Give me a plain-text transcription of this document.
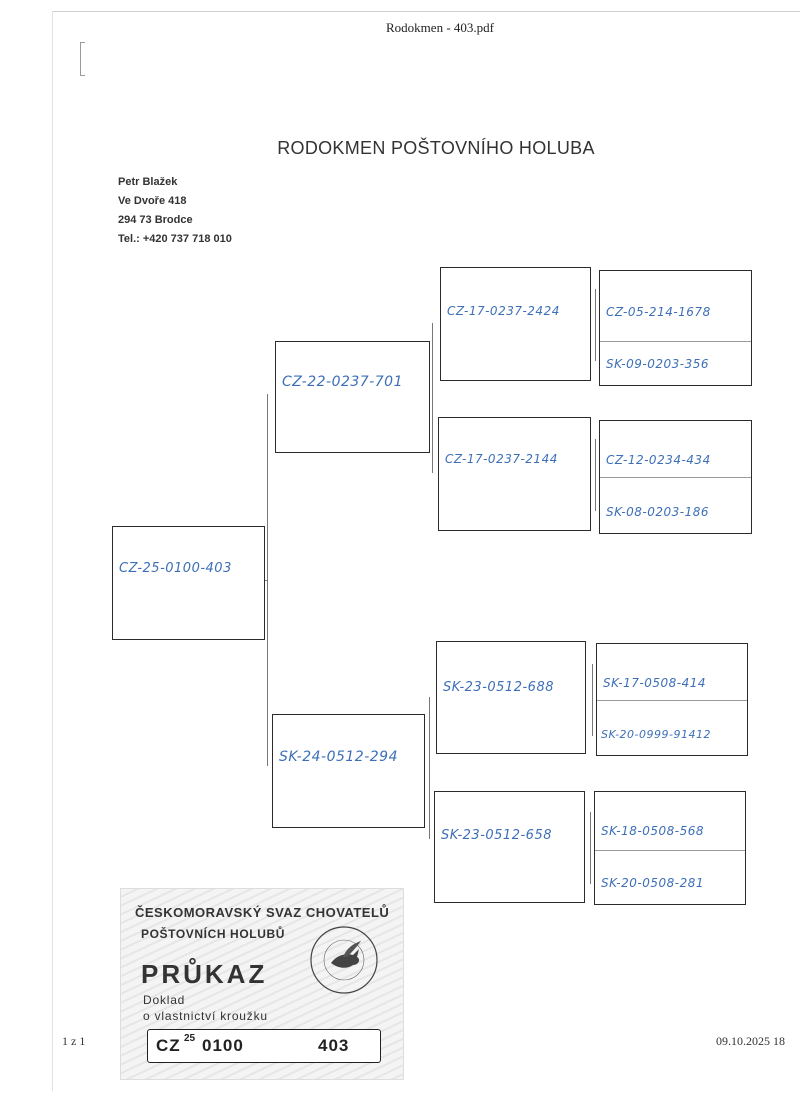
Rodokmen - 403.pdf
RODOKMEN POŠTOVNÍHO HOLUBA
Petr Blažek
Ve Dvoře 418
294 73 Brodce
Tel.: +420 737 718 010
CZ-25-0100-403
CZ-22-0237-701
SK-24-0512-294
CZ-17-0237-2424
CZ-17-0237-2144
SK-23-0512-688
SK-23-0512-658
CZ-05-214-1678
SK-09-0203-356
CZ-12-0234-434
SK-08-0203-186
SK-17-0508-414
SK-20-0999-91412
SK-18-0508-568
SK-20-0508-281
ČESKOMORAVSKÝ SVAZ CHOVATELŮ
POŠTOVNÍCH HOLUBŮ
PRŮKAZ
Doklad
o vlastnictví kroužku
CZ 25 0100	403
1 z 1	09.10.2025 18
